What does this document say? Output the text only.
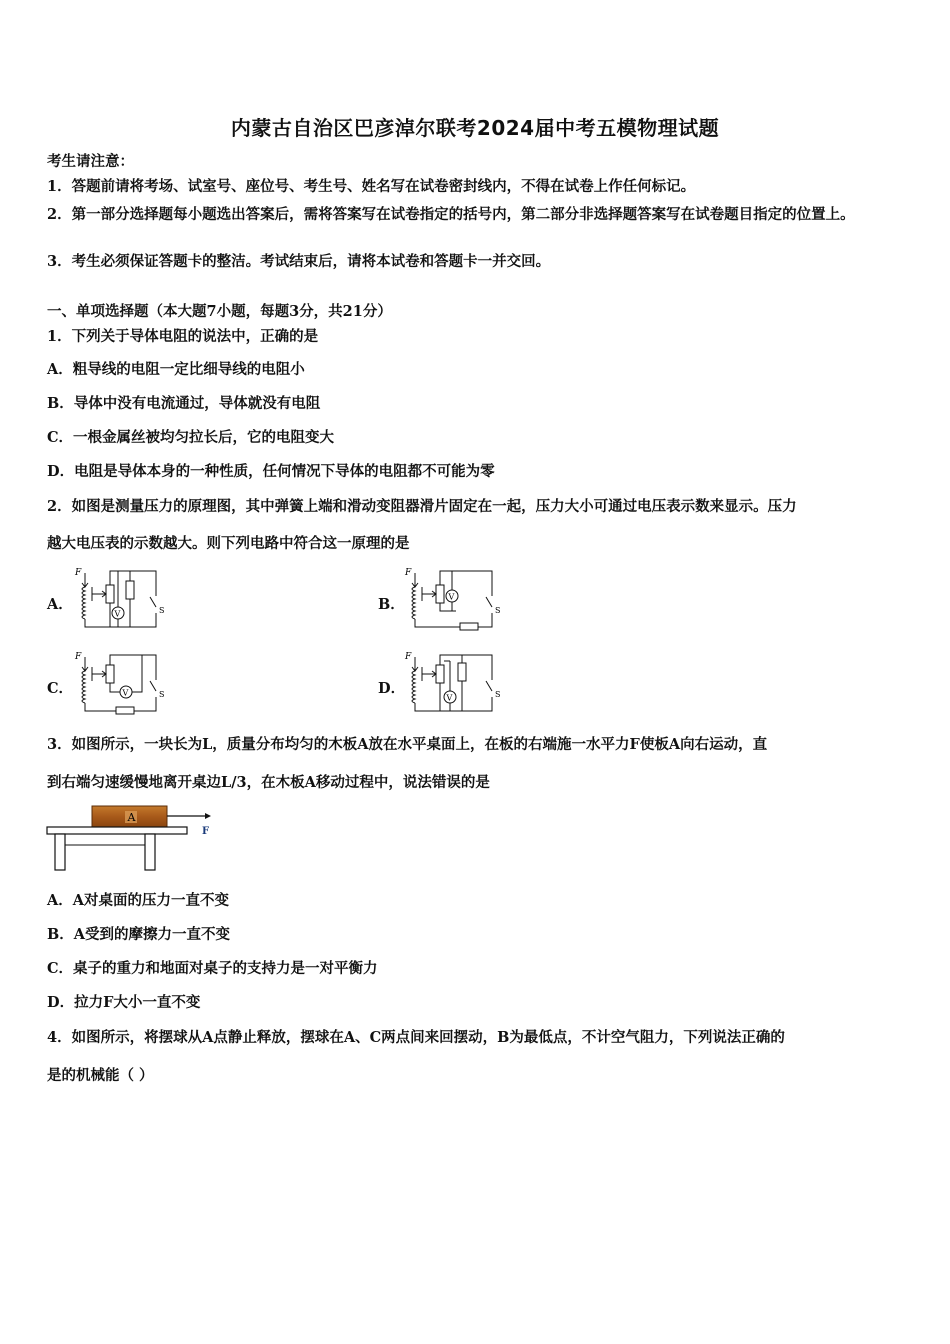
内蒙古自治区巴彦淖尔联考2024届中考五模物理试题
考生请注意：
1．答题前请将考场、试室号、座位号、考生号、姓名写在试卷密封线内，不得在试卷上作任何标记。
2．第一部分选择题每小题选出答案后，需将答案写在试卷指定的括号内，第二部分非选择题答案写在试卷题目指定的位置上。
3．考生必须保证答题卡的整洁。考试结束后，请将本试卷和答题卡一并交回。
一、单项选择题（本大题7小题，每题3分，共21分）
1．下列关于导体电阻的说法中，正确的是
A．粗导线的电阻一定比细导线的电阻小
B．导体中没有电流通过，导体就没有电阻
C．一根金属丝被均匀拉长后，它的电阻变大
D．电阻是导体本身的一种性质，任何情况下导体的电阻都不可能为零
2．如图是测量压力的原理图，其中弹簧上端和滑动变阻器滑片固定在一起，压力大小可通过电压表示数来显示。压力
越大电压表的示数越大。则下列电路中符合这一原理的是
A．	B．
C．	D．
F
V	S
F
V
S
F
V	S
F
V	S
3．如图所示，一块长为L，质量分布均匀的木板A放在水平桌面上，在板的右端施一水平力F使板A向右运动，直
到右端匀速缓慢地离开桌边L/3，在木板A移动过程中，说法错误的是
A
F
A．A对桌面的压力一直不变
B．A受到的摩擦力一直不变
C．桌子的重力和地面对桌子的支持力是一对平衡力
D．拉力F大小一直不变
4．如图所示，将摆球从A点静止释放，摆球在A、C两点间来回摆动，B为最低点，不计空气阻力，下列说法正确的
是的机械能（ ）
